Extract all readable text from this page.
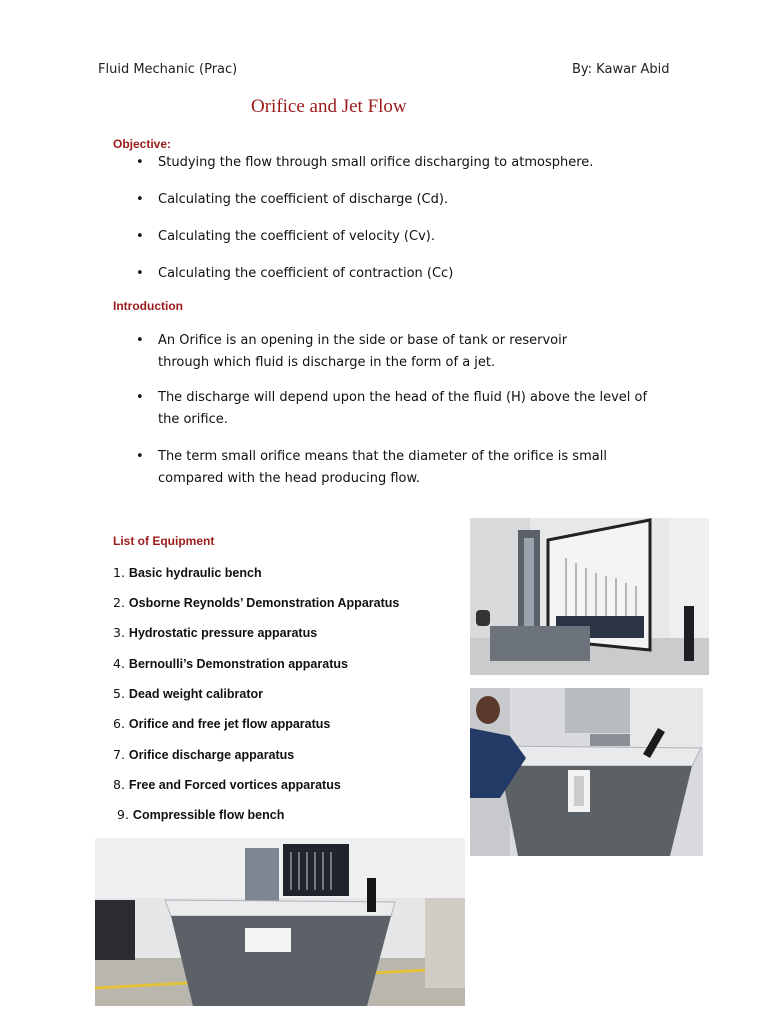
Fluid Mechanic (Prac)	By: Kawar Abid
Orifice and Jet Flow
Objective:
• Studying the flow through small orifice discharging to atmosphere.
• Calculating the coefficient of discharge (Cd).
• Calculating the coefficient of velocity (Cv).
• Calculating the coefficient of contraction (Cc)
Introduction
• An Orifice is an opening in the side or base of tank or reservoir
through which fluid is discharge in the form of a jet.
• The discharge will depend upon the head of the fluid (H) above the level of
the orifice.
• The term small orifice means that the diameter of the orifice is small
compared with the head producing flow.
List of Equipment
1. Basic hydraulic bench
2. Osborne Reynolds’ Demonstration Apparatus
3. Hydrostatic pressure apparatus
4. Bernoulli’s Demonstration apparatus
5. Dead weight calibrator
6. Orifice and free jet flow apparatus
7. Orifice discharge apparatus
8. Free and Forced vortices apparatus
9. Compressible flow bench
